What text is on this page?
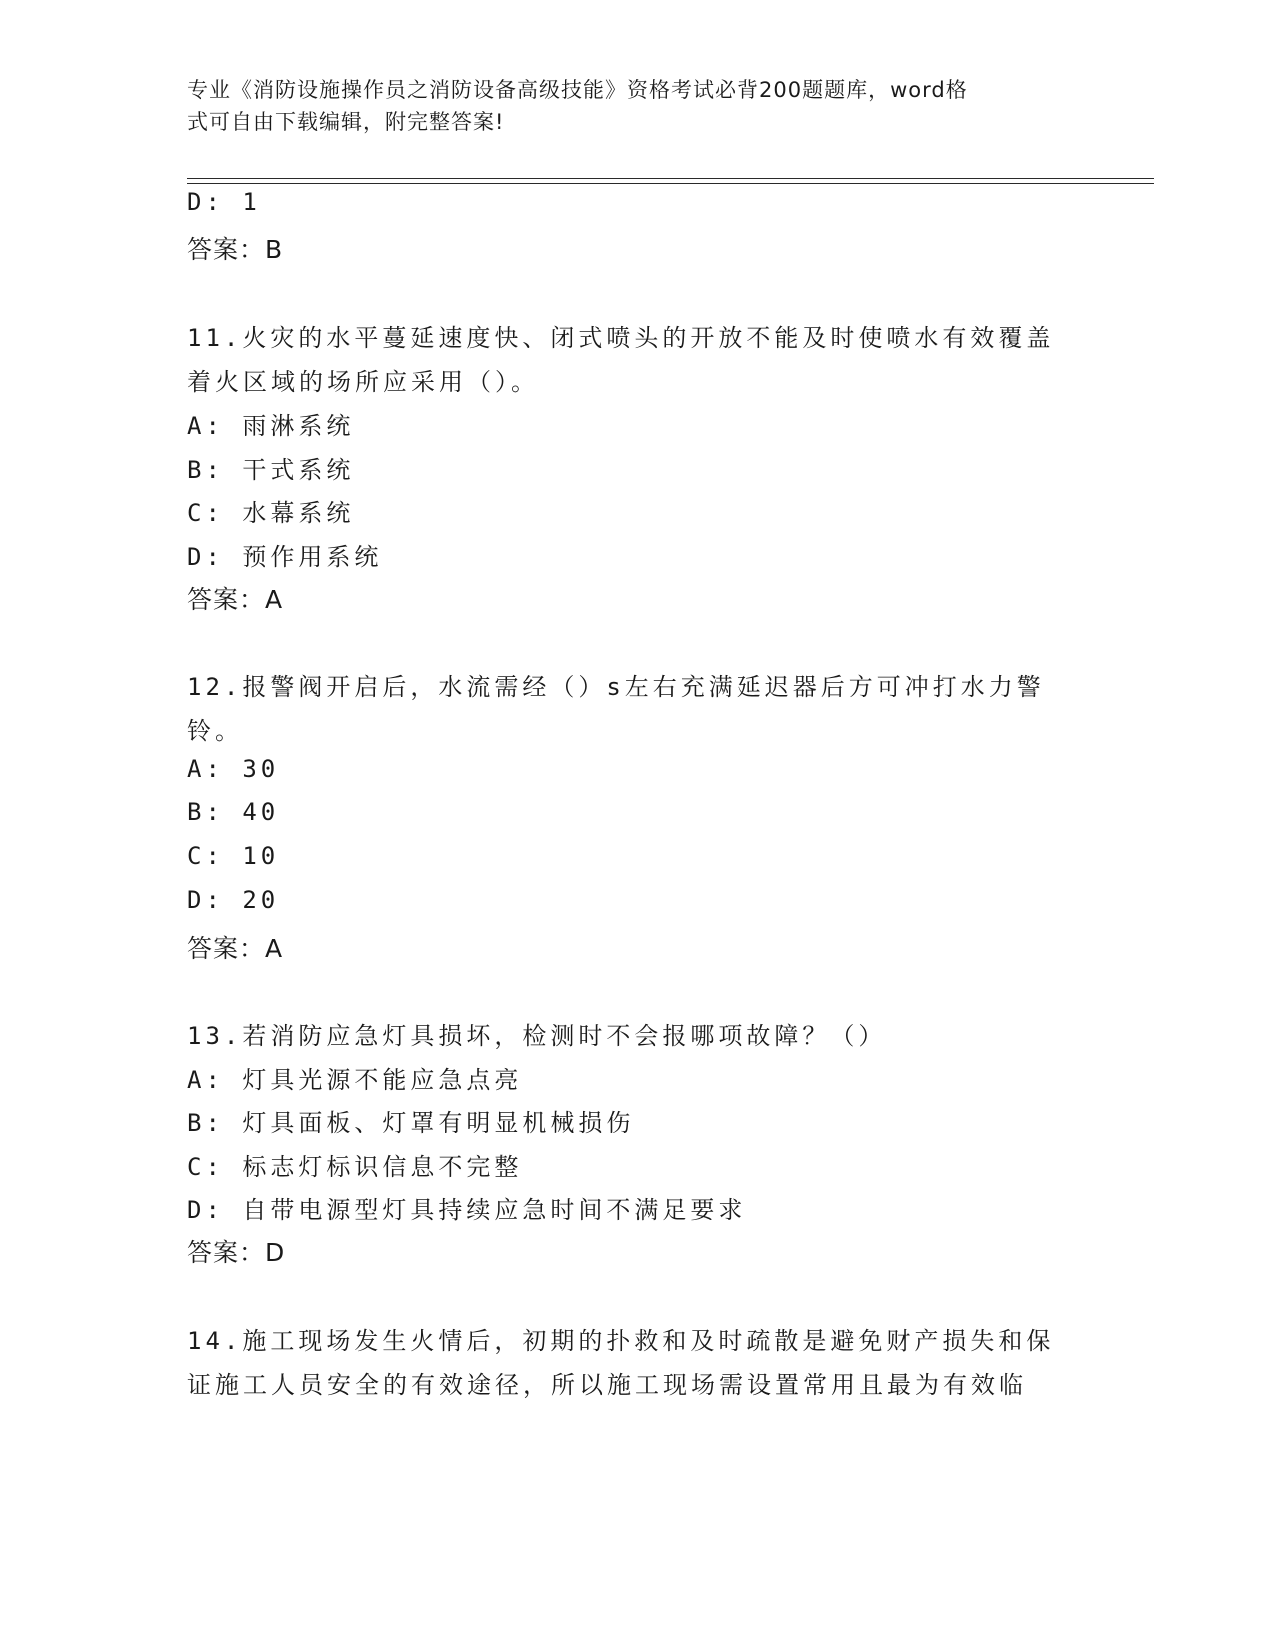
专业《消防设施操作员之消防设备高级技能》资格考试必背200题题库，word格
式可自由下载编辑，附完整答案!
D: 1
答案：B
11.火灾的水平蔓延速度快、闭式喷头的开放不能及时使喷水有效覆盖
着火区域的场所应采用（）。
A: 雨淋系统
B: 干式系统
C: 水幕系统
D: 预作用系统
答案：A
12.报警阀开启后，水流需经（）s左右充满延迟器后方可冲打水力警
铃。
A: 30
B: 40
C: 10
D: 20
答案：A
13.若消防应急灯具损坏，检测时不会报哪项故障？（）
A: 灯具光源不能应急点亮
B: 灯具面板、灯罩有明显机械损伤
C: 标志灯标识信息不完整
D: 自带电源型灯具持续应急时间不满足要求
答案：D
14.施工现场发生火情后，初期的扑救和及时疏散是避免财产损失和保
证施工人员安全的有效途径，所以施工现场需设置常用且最为有效临
